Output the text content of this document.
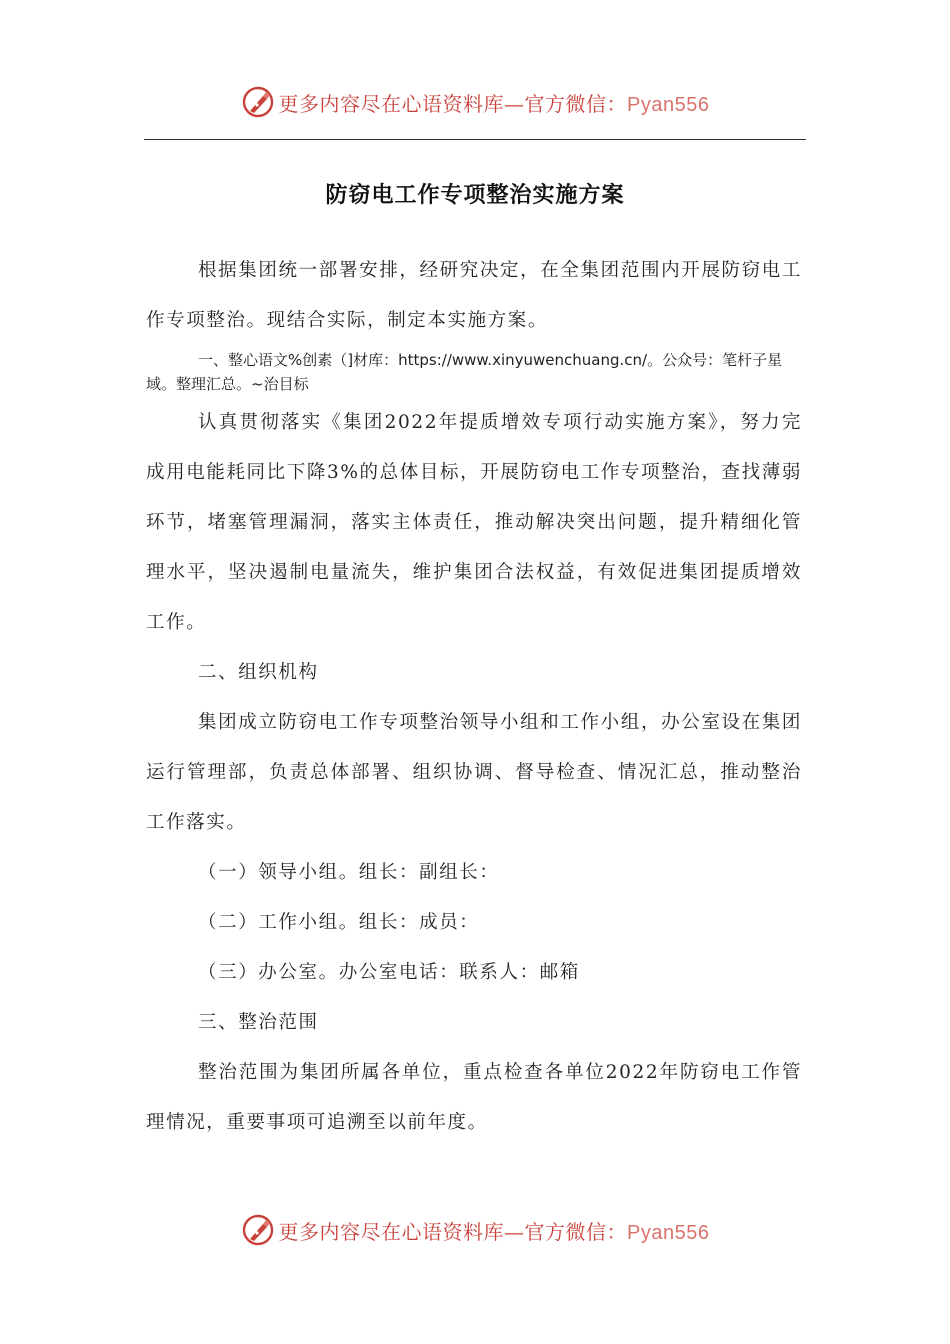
更多内容尽在心语资料库—官方微信：Pyan556
防窃电工作专项整治实施方案

根据集团统一部署安排，经研究决定，在全集团范围内开展防窃电工作专项整治。现结合实际，制定本实施方案。

一、整心语文%创素（]材库：https://www.xinyuwenchuang.cn/。公众号：笔杆子星域。整理汇总。~治目标

认真贯彻落实《集团2022年提质增效专项行动实施方案》，努力完成用电能耗同比下降3%的总体目标，开展防窃电工作专项整治，查找薄弱环节，堵塞管理漏洞，落实主体责任，推动解决突出问题，提升精细化管理水平，坚决遏制电量流失，维护集团合法权益，有效促进集团提质增效工作。

二、组织机构

集团成立防窃电工作专项整治领导小组和工作小组，办公室设在集团运行管理部，负责总体部署、组织协调、督导检查、情况汇总，推动整治工作落实。

（一）领导小组。组长：副组长：

（二）工作小组。组长：成员：

（三）办公室。办公室电话：联系人：邮箱

三、整治范围

整治范围为集团所属各单位，重点检查各单位2022年防窃电工作管理情况，重要事项可追溯至以前年度。

更多内容尽在心语资料库—官方微信：Pyan556
